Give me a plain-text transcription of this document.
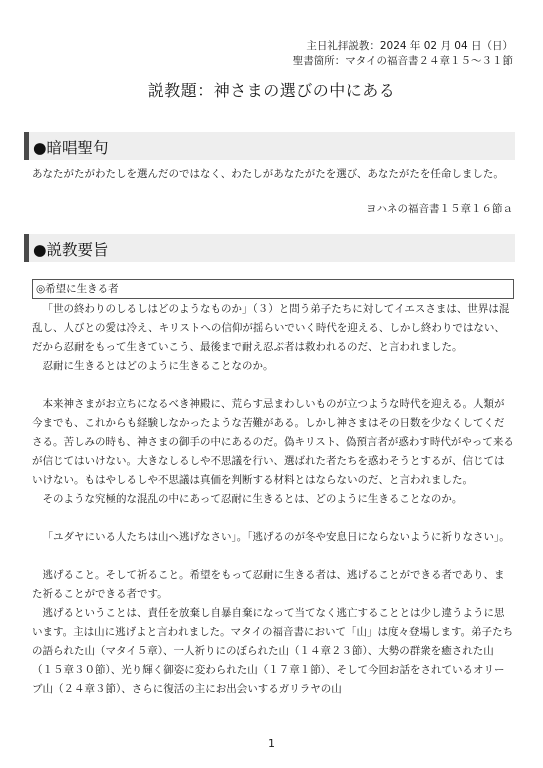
主日礼拝説教：2024 年 02 月 04 日（日）
聖書箇所：マタイの福音書２４章１５～３１節
説教題：神さまの選びの中にある
●暗唱聖句
あなたがたがわたしを選んだのではなく、わたしがあなたがたを選び、あなたがたを任命しました。
ヨハネの福音書１５章１６節ａ
●説教要旨
◎希望に生きる者
「世の終わりのしるしはどのようなものか」（３）と問う弟子たちに対してイエスさまは、世界は混乱し、人びとの愛は冷え、キリストへの信仰が揺らいでいく時代を迎える、しかし終わりではない、だから忍耐をもって生きていこう、最後まで耐え忍ぶ者は救われるのだ、と言われました。
忍耐に生きるとはどのように生きることなのか。
本来神さまがお立ちになるべき神殿に、荒らす忌まわしいものが立つような時代を迎える。人類が今までも、これからも経験しなかったような苦難がある。しかし神さまはその日数を少なくしてくださる。苦しみの時も、神さまの御手の中にあるのだ。偽キリスト、偽預言者が惑わす時代がやって来るが信じてはいけない。大きなしるしや不思議を行い、選ばれた者たちを惑わそうとするが、信じてはいけない。もはやしるしや不思議は真価を判断する材料とはならないのだ、と言われました。
そのような究極的な混乱の中にあって忍耐に生きるとは、どのように生きることなのか。
「ユダヤにいる人たちは山へ逃げなさい」。「逃げるのが冬や安息日にならないように祈りなさい」。
逃げること。そして祈ること。希望をもって忍耐に生きる者は、逃げることができる者であり、また祈ることができる者です。
逃げるということは、責任を放棄し自暴自棄になって当てなく逃亡することとは少し違うように思います。主は山に逃げよと言われました。マタイの福音書において「山」は度々登場します。弟子たちの語られた山（マタイ５章）、一人祈りにのぼられた山（１４章２３節）、大勢の群衆を癒された山（１５章３０節）、光り輝く御姿に変わられた山（１７章１節）、そして今回お話をされているオリーブ山（２４章３節）、さらに復活の主にお出会いするガリラヤの山
1
